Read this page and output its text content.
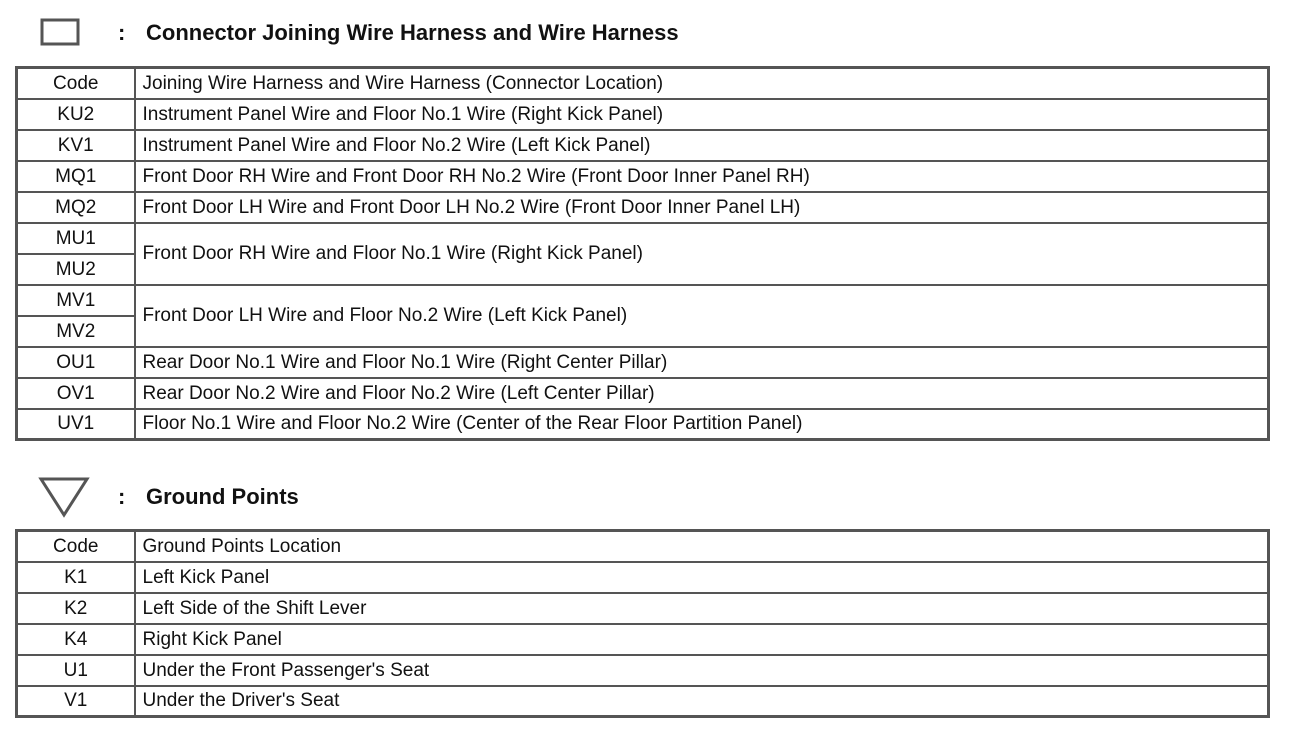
: Connector Joining Wire Harness and Wire Harness
Code	Joining Wire Harness and Wire Harness (Connector Location)
KU2	Instrument Panel Wire and Floor No.1 Wire (Right Kick Panel)
KV1	Instrument Panel Wire and Floor No.2 Wire (Left Kick Panel)
MQ1	Front Door RH Wire and Front Door RH No.2 Wire (Front Door Inner Panel RH)
MQ2	Front Door LH Wire and Front Door LH No.2 Wire (Front Door Inner Panel LH)
MU1	Front Door RH Wire and Floor No.1 Wire (Right Kick Panel)
MU2	
MV1	Front Door LH Wire and Floor No.2 Wire (Left Kick Panel)
MV2	
OU1	Rear Door No.1 Wire and Floor No.1 Wire (Right Center Pillar)
OV1	Rear Door No.2 Wire and Floor No.2 Wire (Left Center Pillar)
UV1	Floor No.1 Wire and Floor No.2 Wire (Center of the Rear Floor Partition Panel)
: Ground Points
Code	Ground Points Location
K1	Left Kick Panel
K2	Left Side of the Shift Lever
K4	Right Kick Panel
U1	Under the Front Passenger's Seat
V1	Under the Driver's Seat
